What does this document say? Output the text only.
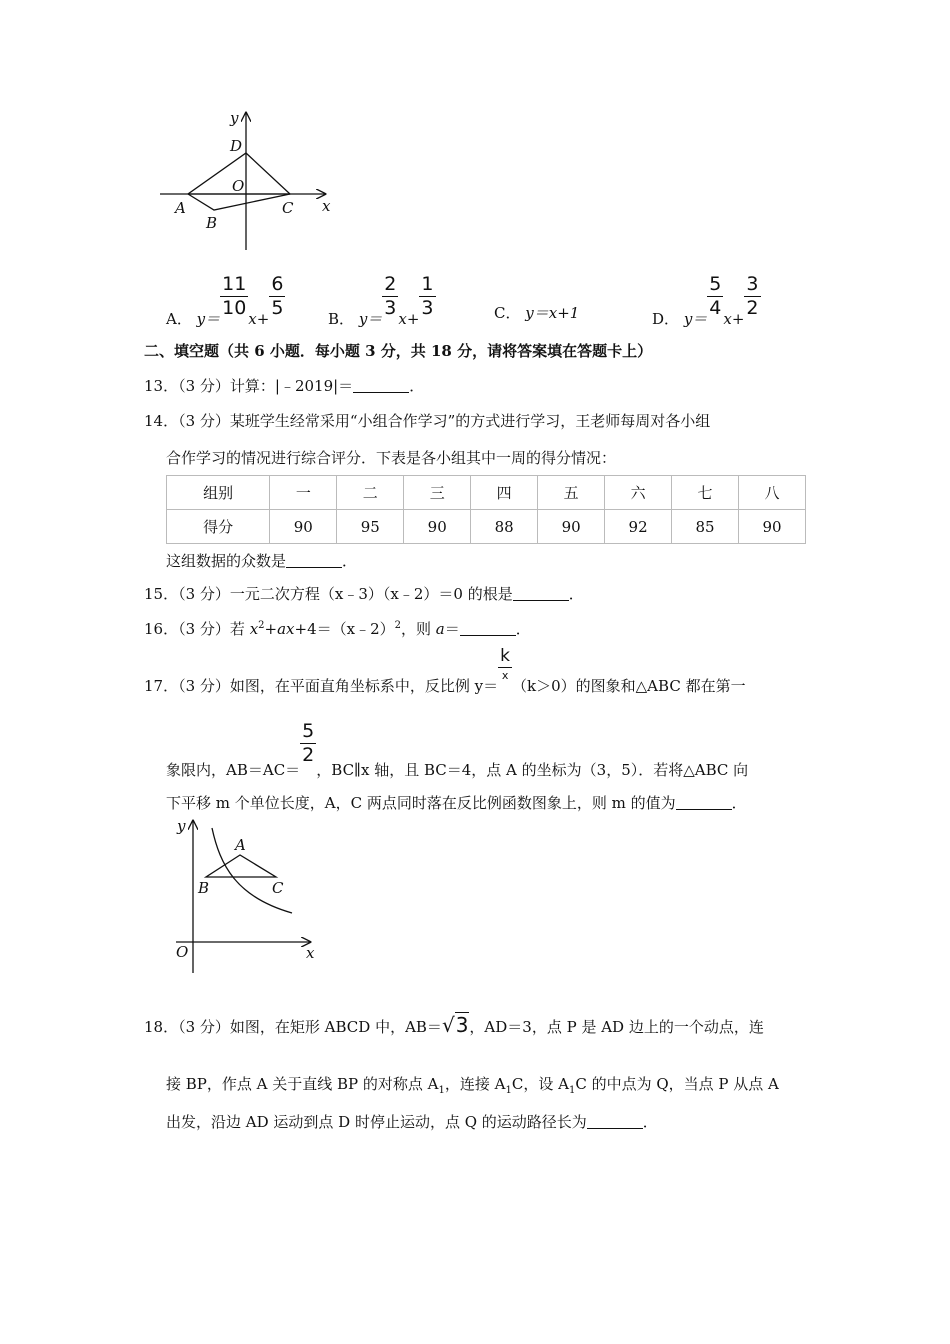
y
x
D
O
A
B
C
A． y＝
$\frac{11}{10}$
x+
$\frac{6}{5}$
B． y＝
$\frac{2}{3}$
x+
$\frac{1}{3}$	C． y＝x+1	D． y＝
$\frac{5}{4}$
x+
$\frac{3}{2}$
二、填空题（共 6 小题．每小题 3 分，共 18 分，请将答案填在答题卡上）
13．（3 分）计算：|﹣2019|＝	．
14．（3 分）某班学生经常采用“小组合作学习”的方式进行学习，王老师每周对各小组
合作学习的情况进行综合评分．下表是各小组其中一周的得分情况：
组别	一	二	三	四	五	六	七	八
得分	90	95	90	88	90	92	85	90
这组数据的众数是	．
15．（3 分）一元二次方程（x﹣3）（x﹣2）＝0 的根是	．
16．（3 分）若 $x^2+ax+4=(x﹣2)^2$，则 a＝	．
17．（3 分）如图，在平面直角坐标系中，反比例 y＝
$\frac{k}{x}$
（k＞0）的图象和△ABC 都在第一
象限内，AB＝AC＝
$\frac{5}{2}$
，BC∥x 轴，且 BC＝4，点 A 的坐标为（3，5）．若将△ABC 向
下平移 m 个单位长度，A，C 两点同时落在反比例函数图象上，则 m 的值为	．
y
x
O
A
B	C
18．（3 分）如图，在矩形 ABCD 中，AB＝√3，AD＝3，点 P 是 AD 边上的一个动点，连
接 BP，作点 A 关于直线 BP 的对称点 $A_1$，连接 $A_1C$，设 $A_1C$ 的中点为 Q，当点 P 从点 A
出发，沿边 AD 运动到点 D 时停止运动，点 Q 的运动路径长为	．
